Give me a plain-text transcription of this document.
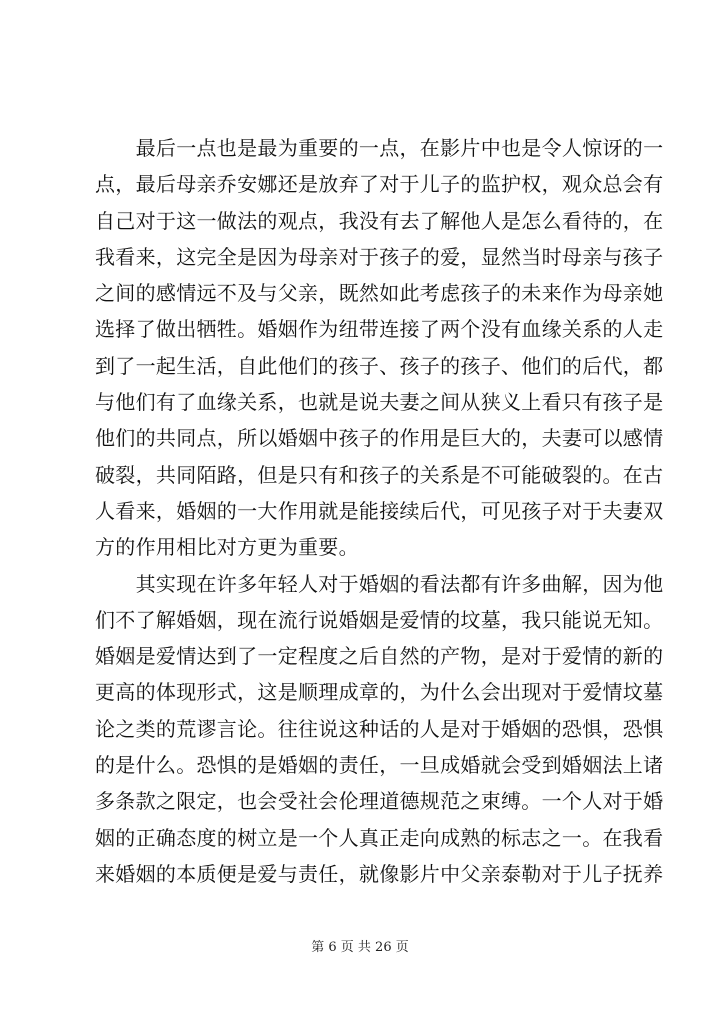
　　最后一点也是最为重要的一点，在影片中也是令人惊讶的一
点，最后母亲乔安娜还是放弃了对于儿子的监护权，观众总会有
自己对于这一做法的观点，我没有去了解他人是怎么看待的，在
我看来，这完全是因为母亲对于孩子的爱，显然当时母亲与孩子
之间的感情远不及与父亲，既然如此考虑孩子的未来作为母亲她
选择了做出牺牲。婚姻作为纽带连接了两个没有血缘关系的人走
到了一起生活，自此他们的孩子、孩子的孩子、他们的后代，都
与他们有了血缘关系，也就是说夫妻之间从狭义上看只有孩子是
他们的共同点，所以婚姻中孩子的作用是巨大的，夫妻可以感情
破裂，共同陌路，但是只有和孩子的关系是不可能破裂的。在古
人看来，婚姻的一大作用就是能接续后代，可见孩子对于夫妻双
方的作用相比对方更为重要。
　　其实现在许多年轻人对于婚姻的看法都有许多曲解，因为他
们不了解婚姻，现在流行说婚姻是爱情的坟墓，我只能说无知。
婚姻是爱情达到了一定程度之后自然的产物，是对于爱情的新的
更高的体现形式，这是顺理成章的，为什么会出现对于爱情坟墓
论之类的荒谬言论。往往说这种话的人是对于婚姻的恐惧，恐惧
的是什么。恐惧的是婚姻的责任，一旦成婚就会受到婚姻法上诸
多条款之限定，也会受社会伦理道德规范之束缚。一个人对于婚
姻的正确态度的树立是一个人真正走向成熟的标志之一。在我看
来婚姻的本质便是爱与责任，就像影片中父亲泰勒对于儿子抚养
第 6 页 共 26 页
